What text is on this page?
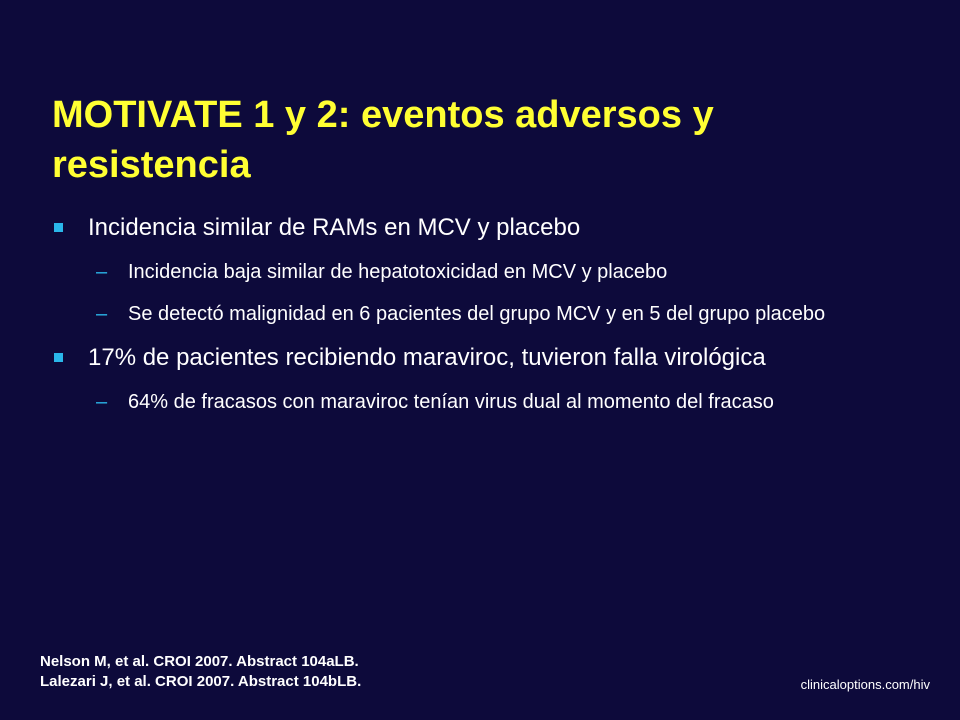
MOTIVATE 1 y 2: eventos adversos y resistencia
Incidencia similar de RAMs en MCV y placebo
– Incidencia baja similar de hepatotoxicidad en MCV y placebo
– Se detectó malignidad en 6 pacientes del grupo MCV y en 5 del grupo placebo
17% de pacientes recibiendo maraviroc, tuvieron falla virológica
– 64% de fracasos con maraviroc tenían virus dual al momento del fracaso
Nelson M, et al. CROI 2007. Abstract 104aLB.
Lalezari J, et al. CROI 2007. Abstract 104bLB.	clinicaloptions.com/hiv
